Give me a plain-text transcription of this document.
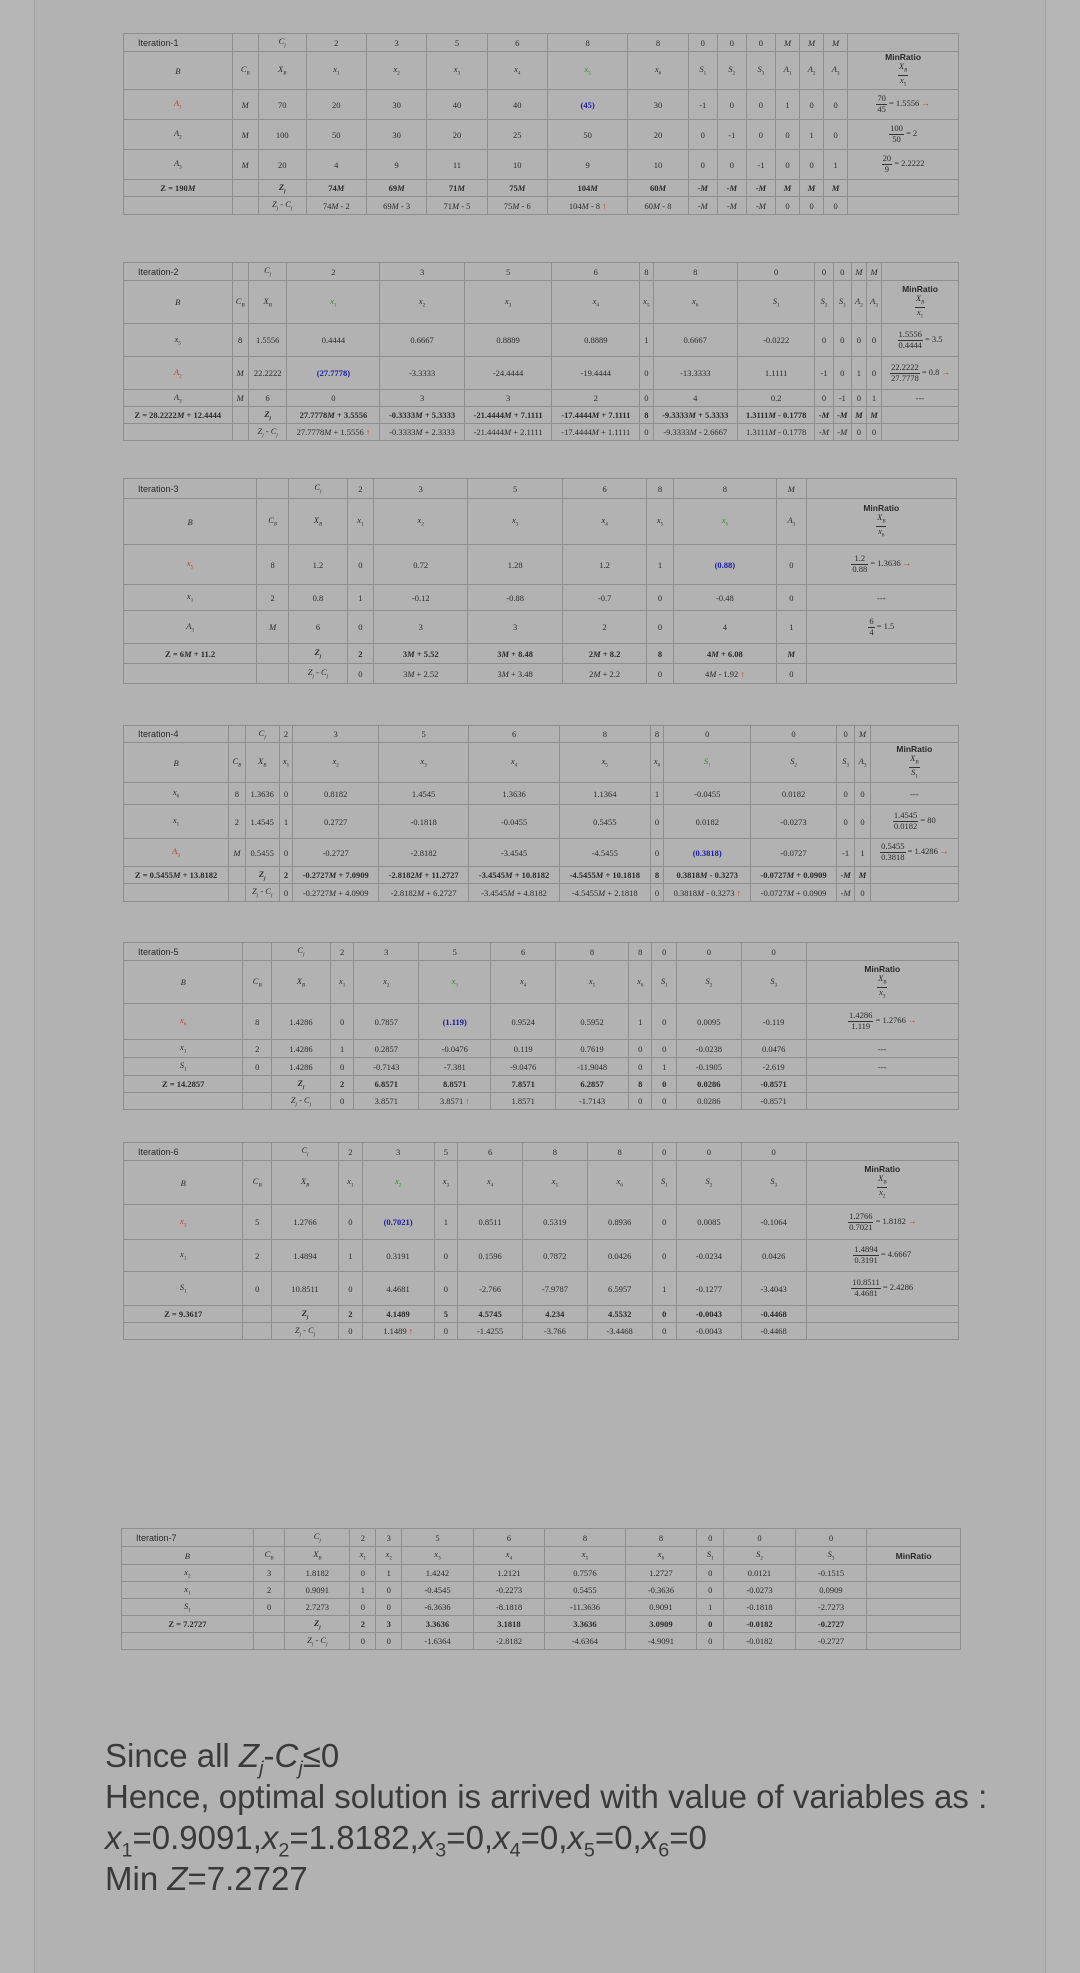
Iteration-1		$C_j$	2	3	5	6	8	8	0	0	0	M	M	M	
B	$C_B$	$X_B$	$x_1$	$x_2$	$x_3$	$x_4$	$x_5$	$x_6$	$S_1$	$S_2$	$S_3$	$A_1$	$A_2$	$A_3$	MinRatio

$\frac{X_B}{x_5}$

$A_1$	M	70	20	30	40	40	(45)	30	-1	0	0	1	0	0	$\frac{70}{45} = 1.5556$ →
$A_2$	M	100	50	30	20	25	50	20	0	-1	0	0	1	0	$\frac{100}{50} = 2$
$A_3$	M	20	4	9	11	10	9	10	0	0	-1	0	0	1	$\frac{20}{9} = 2.2222$
Z = 190M		$Z_j$	74M	69M	71M	75M	104M	60M	-M	-M	-M	M	M	M	
		$Z_j - C_j$	74M - 2	69M - 3	71M - 5	75M - 6	104M - 8 ↑	60M - 8	-M	-M	-M	0	0	0	
Iteration-2		$C_j$	2	3	5	6	8	8	0	0	0	M	M	
B	$C_B$	$X_B$	$x_1$	$x_2$	$x_3$	$x_4$	$x_5$	$x_6$	$S_1$	$S_2$	$S_3$	$A_2$	$A_3$	MinRatio

$\frac{X_B}{x_1}$

$x_5$	8	1.5556	0.4444	0.6667	0.8889	0.8889	1	0.6667	-0.0222	0	0	0	0	$\frac{1.5556}{0.4444} = 3.5$
$A_2$	M	22.2222	(27.7778)	-3.3333	-24.4444	-19.4444	0	-13.3333	1.1111	-1	0	1	0	$\frac{22.2222}{27.7778} = 0.8$ →
$A_3$	M	6	0	3	3	2	0	4	0.2	0	-1	0	1	---
Z = 28.2222M + 12.4444		$Z_j$	27.7778M + 3.5556	-0.3333M + 5.3333	-21.4444M + 7.1111	-17.4444M + 7.1111	8	-9.3333M + 5.3333	1.3111M - 0.1778	-M	-M	M	M	
		$Z_j - C_j$	27.7778M + 1.5556 ↑	-0.3333M + 2.3333	-21.4444M + 2.1111	-17.4444M + 1.1111	0	-9.3333M - 2.6667	1.3111M - 0.1778	-M	-M	0	0	
Iteration-3		$C_j$	2	3	5	6	8	8	M	
B	$C_B$	$X_B$	$x_1$	$x_2$	$x_3$	$x_4$	$x_5$	$x_6$	$A_3$	MinRatio

$\frac{X_B}{x_6}$

$x_5$	8	1.2	0	0.72	1.28	1.2	1	(0.88)	0	$\frac{1.2}{0.88} = 1.3636$ →
$x_1$	2	0.8	1	-0.12	-0.88	-0.7	0	-0.48	0	---
$A_3$	M	6	0	3	3	2	0	4	1	$\frac{6}{4} = 1.5$
Z = 6M + 11.2		$Z_j$	2	3M + 5.52	3M + 8.48	2M + 8.2	8	4M + 6.08	M	
		$Z_j - C_j$	0	3M + 2.52	3M + 3.48	2M + 2.2	0	4M - 1.92 ↑	0	
Iteration-4		$C_j$	2	3	5	6	8	8	0	0	0	M	
B	$C_B$	$X_B$	$x_1$	$x_2$	$x_3$	$x_4$	$x_5$	$x_6$	$S_1$	$S_2$	$S_3$	$A_3$	MinRatio

$\frac{X_B}{S_1}$

$x_6$	8	1.3636	0	0.8182	1.4545	1.3636	1.1364	1	-0.0455	0.0182	0	0	---
$x_1$	2	1.4545	1	0.2727	-0.1818	-0.0455	0.5455	0	0.0182	-0.0273	0	0	$\frac{1.4545}{0.0182} = 80$
$A_3$	M	0.5455	0	-0.2727	-2.8182	-3.4545	-4.5455	0	(0.3818)	-0.0727	-1	1	$\frac{0.5455}{0.3818} = 1.4286$ →
Z = 0.5455M + 13.8182		$Z_j$	2	-0.2727M + 7.0909	-2.8182M + 11.2727	-3.4545M + 10.8182	-4.5455M + 10.1818	8	0.3818M - 0.3273	-0.0727M + 0.0909	-M	M	
		$Z_j - C_j$	0	-0.2727M + 4.0909	-2.8182M + 6.2727	-3.4545M + 4.8182	-4.5455M + 2.1818	0	0.3818M - 0.3273 ↑	-0.0727M + 0.0909	-M	0	
Iteration-5		$C_j$	2	3	5	6	8	8	0	0	0	
B	$C_B$	$X_B$	$x_1$	$x_2$	$x_3$	$x_4$	$x_5$	$x_6$	$S_1$	$S_2$	$S_3$	MinRatio

$\frac{X_B}{x_3}$

$x_6$	8	1.4286	0	0.7857	(1.119)	0.9524	0.5952	1	0	0.0095	-0.119	$\frac{1.4286}{1.119} = 1.2766$ →
$x_1$	2	1.4286	1	0.2857	-0.0476	0.119	0.7619	0	0	-0.0238	0.0476	---
$S_1$	0	1.4286	0	-0.7143	-7.381	-9.0476	-11.9048	0	1	-0.1905	-2.619	---
Z = 14.2857		$Z_j$	2	6.8571	8.8571	7.8571	6.2857	8	0	0.0286	-0.8571	
		$Z_j - C_j$	0	3.8571	3.8571 ↑	1.8571	-1.7143	0	0	0.0286	-0.8571	
Iteration-6		$C_j$	2	3	5	6	8	8	0	0	0	
B	$C_B$	$X_B$	$x_1$	$x_2$	$x_3$	$x_4$	$x_5$	$x_6$	$S_1$	$S_2$	$S_3$	MinRatio

$\frac{X_B}{x_2}$

$x_3$	5	1.2766	0	(0.7021)	1	0.8511	0.5319	0.8936	0	0.0085	-0.1064	$\frac{1.2766}{0.7021} = 1.8182$ →
$x_1$	2	1.4894	1	0.3191	0	0.1596	0.7872	0.0426	0	-0.0234	0.0426	$\frac{1.4894}{0.3191} = 4.6667$
$S_1$	0	10.8511	0	4.4681	0	-2.766	-7.9787	6.5957	1	-0.1277	-3.4043	$\frac{10.8511}{4.4681} = 2.4286$
Z = 9.3617		$Z_j$	2	4.1489	5	4.5745	4.234	4.5532	0	-0.0043	-0.4468	
		$Z_j - C_j$	0	1.1489 ↑	0	-1.4255	-3.766	-3.4468	0	-0.0043	-0.4468	
Iteration-7		$C_j$	2	3	5	6	8	8	0	0	0	
B	$C_B$	$X_B$	$x_1$	$x_2$	$x_3$	$x_4$	$x_5$	$x_6$	$S_1$	$S_2$	$S_3$	MinRatio
$x_2$	3	1.8182	0	1	1.4242	1.2121	0.7576	1.2727	0	0.0121	-0.1515	
$x_1$	2	0.9091	1	0	-0.4545	-0.2273	0.5455	-0.3636	0	-0.0273	0.0909	
$S_1$	0	2.7273	0	0	-6.3636	-8.1818	-11.3636	0.9091	1	-0.1818	-2.7273	
Z = 7.2727		$Z_j$	2	3	3.3636	3.1818	3.3636	3.0909	0	-0.0182	-0.2727	
		$Z_j - C_j$	0	0	-1.6364	-2.8182	-4.6364	-4.9091	0	-0.0182	-0.2727	
Since all $Z_j-C_j\le 0$
Hence, optimal solution is arrived with value of variables as :
$x_1=0.9091,x_2=1.8182,x_3=0,x_4=0,x_5=0,x_6=0$
Min Z=7.2727
